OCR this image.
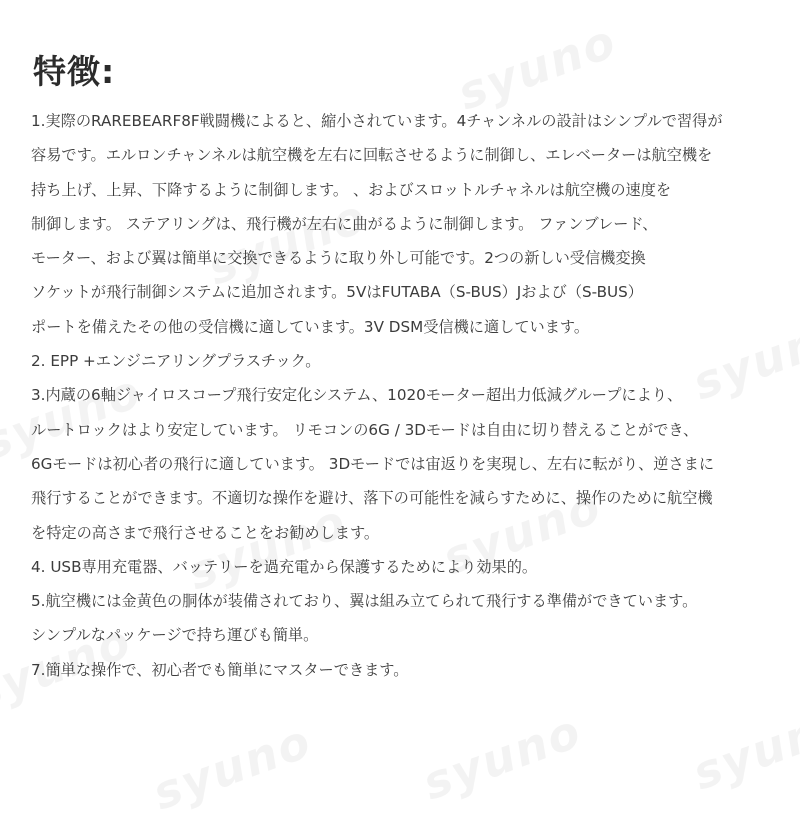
特徴:
1.実際のRAREBEARF8F戦闘機によると、縮小されています。4チャンネルの設計はシンプルで習得が
容易です。エルロンチャンネルは航空機を左右に回転させるように制御し、エレベーターは航空機を
持ち上げ、上昇、下降するように制御します。 、およびスロットルチャネルは航空機の速度を
制御します。 ステアリングは、飛行機が左右に曲がるように制御します。 ファンブレード、
モーター、および翼は簡単に交換できるように取り外し可能です。2つの新しい受信機変換
ソケットが飛行制御システムに追加されます。5VはFUTABA（S-BUS）Jおよび（S-BUS）
ポートを備えたその他の受信機に適しています。3V DSM受信機に適しています。
2. EPP +エンジニアリングプラスチック。
3.内蔵の6軸ジャイロスコープ飛行安定化システム、1020モーター超出力低減グループにより、
ルートロックはより安定しています。 リモコンの6G / 3Dモードは自由に切り替えることができ、
6Gモードは初心者の飛行に適しています。 3Dモードでは宙返りを実現し、左右に転がり、逆さまに
飛行することができます。不適切な操作を避け、落下の可能性を減らすために、操作のために航空機
を特定の高さまで飛行させることをお勧めします。
4. USB専用充電器、バッテリーを過充電から保護するためにより効果的。
5.航空機には金黄色の胴体が装備されており、翼は組み立てられて飛行する準備ができています。
シンプルなパッケージで持ち運びも簡単。
7.簡単な操作で、初心者でも簡単にマスターできます。
